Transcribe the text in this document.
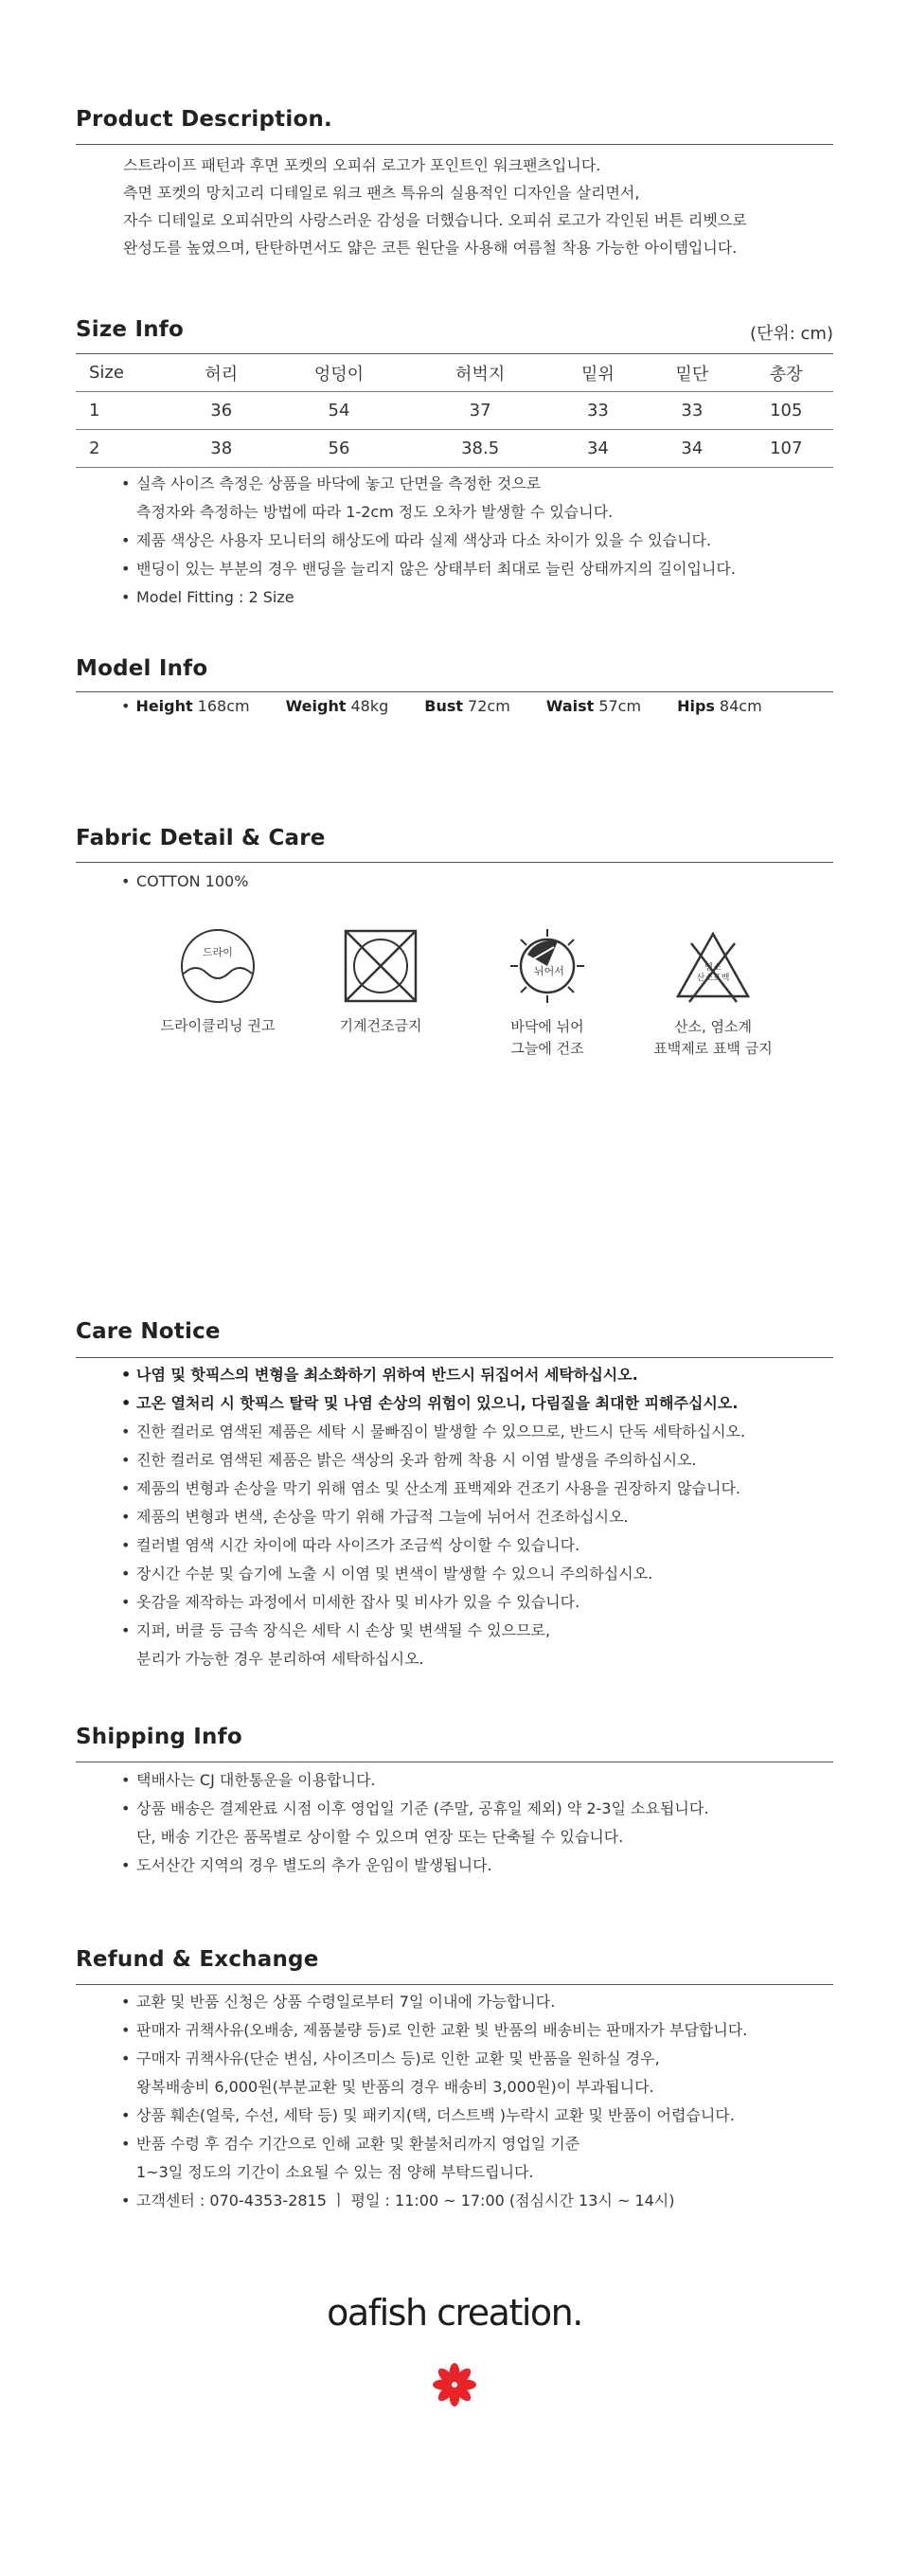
Product Description.
스트라이프 패턴과 후면 포켓의 오피쉬 로고가 포인트인 워크팬츠입니다.
측면 포켓의 망치고리 디테일로 워크 팬츠 특유의 실용적인 디자인을 살리면서,
자수 디테일로 오피쉬만의 사랑스러운 감성을 더했습니다. 오피쉬 로고가 각인된 버튼 리벳으로
완성도를 높였으며, 탄탄하면서도 얇은 코튼 원단을 사용해 여름철 착용 가능한 아이템입니다.
Size Info	(단위: cm)
Size	허리	엉덩이	허벅지	밑위	밑단	총장
1	36	54	37	33	33	105
2	38	56	38.5	34	34	107
• 실측 사이즈 측정은 상품을 바닥에 놓고 단면을 측정한 것으로
측정자와 측정하는 방법에 따라 1-2cm 정도 오차가 발생할 수 있습니다.
• 제품 색상은 사용자 모니터의 해상도에 따라 실제 색상과 다소 차이가 있을 수 있습니다.
• 밴딩이 있는 부분의 경우 밴딩을 늘리지 않은 상태부터 최대로 늘린 상태까지의 길이입니다.
• Model Fitting : 2 Size
Model Info
• Height 168cm Weight 48kg Bust 72cm Waist 57cm Hips 84cm
Fabric Detail & Care
• COTTON 100%
드라이
드라이클리닝 권고	기계건조금지
뉘어서
바닥에 뉘어
그늘에 건조
염소
산소표백
산소, 염소계
표백제로 표백 금지
Care Notice
• 나염 및 핫픽스의 변형을 최소화하기 위하여 반드시 뒤집어서 세탁하십시오.
• 고온 열처리 시 핫픽스 탈락 및 나염 손상의 위험이 있으니, 다림질을 최대한 피해주십시오.
• 진한 컬러로 염색된 제품은 세탁 시 물빠짐이 발생할 수 있으므로, 반드시 단독 세탁하십시오.
• 진한 컬러로 염색된 제품은 밝은 색상의 옷과 함께 착용 시 이염 발생을 주의하십시오.
• 제품의 변형과 손상을 막기 위해 염소 및 산소계 표백제와 건조기 사용을 권장하지 않습니다.
• 제품의 변형과 변색, 손상을 막기 위해 가급적 그늘에 뉘어서 건조하십시오.
• 컬러별 염색 시간 차이에 따라 사이즈가 조금씩 상이할 수 있습니다.
• 장시간 수분 및 습기에 노출 시 이염 및 변색이 발생할 수 있으니 주의하십시오.
• 옷감을 제작하는 과정에서 미세한 잡사 및 비사가 있을 수 있습니다.
• 지퍼, 버클 등 금속 장식은 세탁 시 손상 및 변색될 수 있으므로,
분리가 가능한 경우 분리하여 세탁하십시오.
Shipping Info
• 택배사는 CJ 대한통운을 이용합니다.
• 상품 배송은 결제완료 시점 이후 영업일 기준 (주말, 공휴일 제외) 약 2-3일 소요됩니다.
단, 배송 기간은 품목별로 상이할 수 있으며 연장 또는 단축될 수 있습니다.
• 도서산간 지역의 경우 별도의 추가 운임이 발생됩니다.
Refund & Exchange
• 교환 및 반품 신청은 상품 수령일로부터 7일 이내에 가능합니다.
• 판매자 귀책사유(오배송, 제품불량 등)로 인한 교환 빛 반품의 배송비는 판매자가 부담합니다.
• 구매자 귀책사유(단순 변심, 사이즈미스 등)로 인한 교환 및 반품을 원하실 경우,
왕복배송비 6,000원(부분교환 및 반품의 경우 배송비 3,000원)이 부과됩니다.
• 상품 훼손(얼룩, 수선, 세탁 등) 및 패키지(택, 더스트백 )누락시 교환 및 반품이 어렵습니다.
• 반품 수령 후 검수 기간으로 인해 교환 및 환불처리까지 영업일 기준
1~3일 정도의 기간이 소요될 수 있는 점 양해 부탁드립니다.
• 고객센터 : 070-4353-2815 ㅣ 평일 : 11:00 ~ 17:00 (점심시간 13시 ~ 14시)
oafish creation.
